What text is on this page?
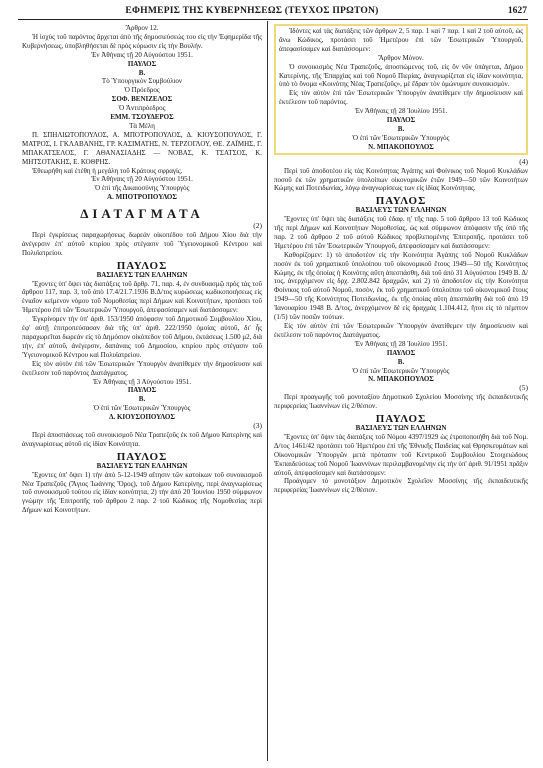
ΕΦΗΜΕΡΙΣ ΤΗΣ ΚΥΒΕΡΝΗΣΕΩΣ (ΤΕΥΧΟΣ ΠΡΩΤΟΝ)	1627

Ἄρθρον 12.

Ἡ ἰσχὺς τοῦ παρόντος ἄρχεται ἀπὸ τῆς δημοσιεύσεώς του εἰς τὴν Ἐφημερίδα τῆς Κυβερνήσεως, ὑποβληθήσεται δὲ πρὸς κύρωσιν εἰς τὴν Βουλήν.

Ἐν Ἀθήναις τῇ 20 Αὐγούστου 1951.

ΠΑΥΛΟΣ

Β.

Τὸ Ὑπουργικὸν Συμβούλιον

Ὁ Πρόεδρος

ΣΟΦ. ΒΕΝΙΖΕΛΟΣ

Ὁ Ἀντιπρόεδρος

ΕΜΜ. ΤΣΟΥΔΕΡΟΣ

Τὰ Μέλη

Π. ΣΠΗΛΙΩΤΟΠΟΥΛΟΣ, Α. ΜΠΟΤΡΟΠΟΥΛΟΣ, Δ. ΚΙΟΥΣΟΠΟΥΛΟΣ, Γ. ΜΑΤΡΟΣ, Ι. ΓΚΛΑΒΑΝΗΣ, ΓΡ. ΚΑΣΙΜΑΤΗΣ, Ν. ΤΕΡΖΟΓΛΟΥ, ΘΕ. ΖΑΪΜΗΣ, Γ. ΜΠΑΚΑΤΣΕΛΟΣ, Γ. ΑΘΑΝΑΣΙΑΔΗΣ — ΝΟΒΑΣ, Κ. ΤΣΑΤΣΟΣ, Κ. ΜΗΤΣΟΤΑΚΗΣ, Ε. ΚΟΘΡΗΣ.

Ἐθεωρήθη καὶ ἐτέθη ἡ μεγάλη τοῦ Κράτους σφραγίς.

Ἐν Ἀθήναις τῇ 20 Αὐγούστου 1951.

Ὁ ἐπὶ τῆς Δικαιοσύνης Ὑπουργὸς

Α. ΜΠΟΤΡΟΠΟΥΛΟΣ

ΔΙΑΤΑΓΜΑΤΑ

(2)

Περὶ ἐγκρίσεως παραχωρήσεως δωρεάν οἰκοπέδου τοῦ Δήμου Χίου διὰ τὴν ἀνέγερσιν ἐπ' αὐτοῦ κτιρίου πρὸς στέγασιν τοῦ Ὑγειονομικοῦ Κέντρου καὶ Πολυϊατρείου.

ΠΑΥΛΟΣ

ΒΑΣΙΛΕΥΣ ΤΩΝ ΕΛΛΗΝΩΝ

Ἔχοντες ὑπ' ὄψει τὰς διατάξεις τοῦ ἄρθρ. 71, παρ. 4, ἐν συνδυασμῷ πρὸς τὰς τοῦ ἄρθρου 117, παρ. 3, τοῦ ἀπὸ 17.4/21.7.1936 Β.Δ/τος κυρώσεως κωδικοποιήσεως εἰς ἑνιαῖον κείμενον νόμου τοῦ Νομοθεσίας περὶ Δήμων καὶ Κοινοτήτων, προτάσει τοῦ Ἡμετέρου ἐπὶ τῶν Ἐσωτερικῶν Ὑπουργοῦ, ἀπεφασίσαμεν καὶ διατάσσομεν:

Ἐγκρίνομεν τὴν ὑπ' ἀριθ. 153/1950 ἀπόφασιν τοῦ Δημοτικοῦ Συμβουλίου Χίου, ἐφ' αὐτῇ ἐπιτροπεύσασαν διὰ τῆς ὑπ' ἀριθ. 222/1950 ὁμοίας αὐτοῦ, δι' ἧς παραχωρεῖται δωρεάν εἰς τὸ Δημόσιον οἰκόπεδον τοῦ Δήμου, ἐκτάσεως 1.500 μ2, διὰ τὴν, ἐπ' αὐτοῦ, ἀνέγερσιν, δαπάναις τοῦ Δημοσίου, κτιρίου πρὸς στέγασιν τοῦ Ὑγειονομικοῦ Κέντρου καὶ Πολυϊατρείου.

Εἰς τὸν αὐτὸν ἐπὶ τῶν Ἐσωτερικῶν Ὑπουργὸν ἀνατίθεμεν τὴν δημοσίευσιν καὶ ἐκτέλεσιν τοῦ παρόντος Διατάγματος.

Ἐν Ἀθήναις τῇ 3 Αὐγούστου 1951.

ΠΑΥΛΟΣ

Β.

Ὁ ἐπὶ τῶν Ἐσωτερικῶν Ὑπουργὸς

Δ. ΚΙΟΥΣΟΠΟΥΛΟΣ

(3)

Περὶ ἀποσπάσεως τοῦ συνοικισμοῦ Νέα Τραπεζοῦς ἐκ τοῦ Δήμου Κατερίνης καὶ ἀναγνωρίσεως αὐτοῦ εἰς ἰδίαν Κοινότητα.

ΠΑΥΛΟΣ

ΒΑΣΙΛΕΥΣ ΤΩΝ ΕΛΛΗΝΩΝ

Ἔχοντες ὑπ' ὄψει 1) τὴν ἀπὸ 5-12-1949 αἴτησιν τῶν κατοίκων τοῦ συνοικισμοῦ Νέα Τραπεζοῦς (Ἅγιος Ἰωάννης Ὄρος), τοῦ Δήμου Κατερίνης, περὶ ἀναγνωρίσεως τοῦ συνοικισμοῦ τούτου εἰς ἰδίαν κοινότητα, 2) τὴν ἀπὸ 20 Ἰουνίου 1950 σύμφωνον γνώμην τῆς Ἐπιτροπῆς τοῦ ἄρθρου 2 παρ. 2 τοῦ Κώδικος τῆς Νομοθεσίας περὶ Δήμων καὶ Κοινοτήτων.

Ἰδόντες καὶ τὰς διατάξεις τῶν ἄρθρων 2, 5 παρ. 1 καὶ 7 παρ. 1 καὶ 2 τοῦ αὐτοῦ, ὡς ἄνω Κώδικος, προτάσει τοῦ Ἡμετέρου ἐπὶ τῶν Ἐσωτερικῶν Ὑπουργοῦ, ἀπεφασίσαμεν καὶ διατάσσομεν:

Ἄρθρον Μόνον.

Ὁ συνοικισμὸς Νέα Τραπεζοῦς, ἀποσπώμενος τοῦ, εἰς ὃν νῦν ὑπάγεται, Δήμου Κατερίνης, τῆς Ἐπαρχίας καὶ τοῦ Νομοῦ Πιερίας, ἀναγνωρίζεται εἰς ἰδίαν κοινότητα, ὑπὸ τὸ ὄνομα «Κοινότης Νέας Τραπεζοῦς», μὲ ἕδραν τὸν ὁμώνυμον συνοικισμόν.

Εἰς τὸν αὐτὸν ἐπὶ τῶν Ἐσωτερικῶν Ὑπουργὸν ἀνατίθεμεν τὴν δημοσίευσιν καὶ ἐκτέλεσιν τοῦ παρόντος.

Ἐν Ἀθήναις τῇ 28 Ἰουλίου 1951.

ΠΑΥΛΟΣ

Β.

Ὁ ἐπὶ τῶν Ἐσωτερικῶν Ὑπουργὸς

Ν. ΜΠΑΚΟΠΟΥΛΟΣ

(4)

Περὶ τοῦ ἀποδοτέου εἰς τὰς Κοινότητας Ἀγάπης καὶ Φοίνικος τοῦ Νομοῦ Κυκλάδων ποσοῦ ἐκ τῶν χρηματικῶν ὑπολοίπων οἰκονομικῶν ἐτῶν 1949—50 τῶν Κοινοτήτων Κώμης καὶ Ποτειδωνίας, λόγῳ ἀναγνωρίσεως των εἰς ἰδίας Κοινότητας.

ΠΑΥΛΟΣ

ΒΑΣΙΛΕΥΣ ΤΩΝ ΕΛΛΗΝΩΝ

Ἔχοντες ὑπ' ὄψει τὰς διατάξεις τοῦ ἐδαφ. η' τῆς παρ. 5 τοῦ ἄρθρου 13 τοῦ Κώδικος τῆς περὶ Δήμων καὶ Κοινοτήτων Νομοθεσίας, ὡς καὶ σύμφωνον ἀπόφασιν τῆς ὑπὸ τῆς παρ. 2 τοῦ ἄρθρου 2 τοῦ αὐτοῦ Κώδικος προβλεπομένης Ἐπιτροπῆς, προτάσει τοῦ Ἡμετέρου ἐπὶ τῶν Ἐσωτερικῶν Ὑπουργοῦ, ἀπεφασίσαμεν καὶ διατάσσομεν:

Καθορίζομεν: 1) τὸ ἀποδοτέον εἰς τὴν Κοινότητα Ἀγάπης τοῦ Νομοῦ Κυκλάδων ποσὸν ἐκ τοῦ χρηματικοῦ ὑπολοίπου τοῦ οἰκονομικοῦ ἔτους 1949—50 τῆς Κοινότητος Κώμης, ἐκ τῆς ὁποίας ἡ Κοινότης αὕτη ἀπεσπάσθη, διὰ τοῦ ἀπὸ 31 Αὐγούστου 1949 Β. Δ/τος, ἀνερχόμενον εἰς δρχ. 2.802.842 δραχμῶν, καὶ 2) τὸ ἀποδοτέον εἰς τὴν Κοινότητα Φοίνικος τοῦ αὐτοῦ Νομοῦ, ποσὸν, ἐκ τοῦ χρηματικοῦ ὑπολοίπου τοῦ οἰκονομικοῦ ἔτους 1949—50 τῆς Κοινότητος Ποτειδωνίας, ἐκ τῆς ὁποίας αὕτη ἀπεσπάσθη διὰ τοῦ ἀπὸ 19 Ἰανουαρίου 1948 Β. Δ/τος, ἀνερχόμενον δὲ εἰς δραχμὰς 1.104.412, ἤτοι εἰς τὸ πέμπτον (1/5) τῶν ποσῶν τούτων.

Εἰς τὸν αὐτὸν ἐπὶ τῶν Ἐσωτερικῶν Ὑπουργὸν ἀνατίθεμεν τὴν δημοσίευσιν καὶ ἐκτέλεσιν τοῦ παρόντος Διατάγματος.

Ἐν Ἀθήναις τῇ 28 Ἰουλίου 1951.

ΠΑΥΛΟΣ

Β.

Ὁ ἐπὶ τῶν Ἐσωτερικῶν Ὑπουργὸς

Ν. ΜΠΑΚΟΠΟΥΛΟΣ

(5)

Περὶ προαγωγῆς τοῦ μονοταξίου Δημοτικοῦ Σχολείου Μοσσίνης τῆς ἐκπαιδευτικῆς περιφερείας Ἰωαννίνων εἰς 2/θέσιον.

ΠΑΥΛΟΣ

ΒΑΣΙΛΕΥΣ ΤΩΝ ΕΛΛΗΝΩΝ

Ἔχοντες ὑπ' ὄψιν τὰς διατάξεις τοῦ Νόμου 4397/1929 ὡς ἐτροποποιήθη διὰ τοῦ Νομ. Δ/τος 1461/42 προτάσει τοῦ Ἡμετέρου ἐπὶ τῆς Ἐθνικῆς Παιδείας καὶ Θρησκευμάτων καὶ Οἰκονομικῶν Ὑπουργῶν μετὰ πρότασιν τοῦ Κεντρικοῦ Συμβουλίου Στοιχειώδους Ἐκπαιδεύσεως τοῦ Νομοῦ Ἰωαννίνων περιλαμβανομένην εἰς τὴν ὑπ' ἀριθ. 91/1951 πρᾶξιν αὐτοῦ, ἀπεφασίσαμεν καὶ διατάσσομεν:

Προάγομεν τὸ μονοτάξιον Δημοτικὸν Σχολεῖον Μοσσίνης τῆς ἐκπαιδευτικῆς περιφερείας Ἰωαννίνων εἰς 2/θέσιον.
